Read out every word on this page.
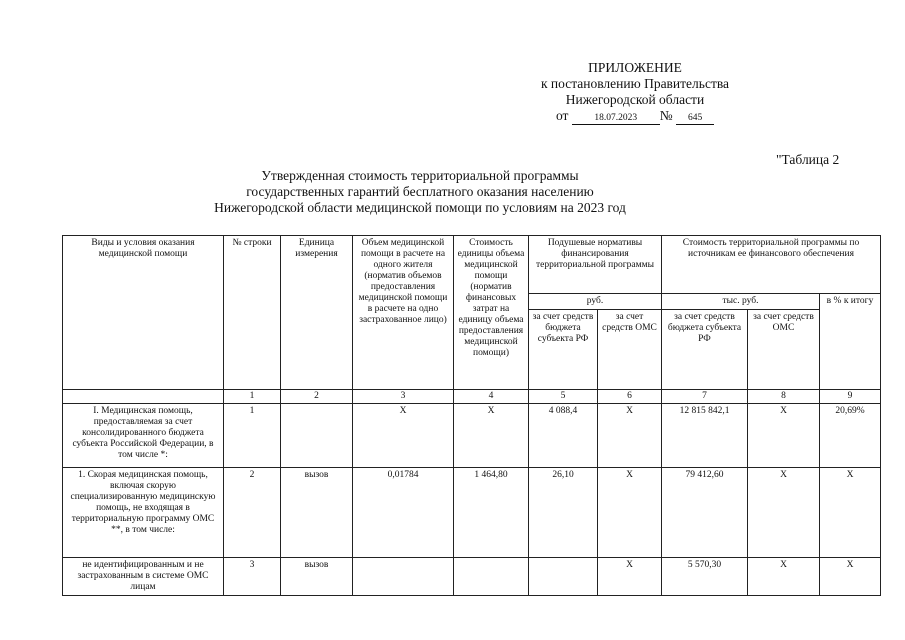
ПРИЛОЖЕНИЕ
к постановлению Правительства
Нижегородской области
от	18.07.2023 № 645
"Таблица 2
Утвержденная стоимость территориальной программы
государственных гарантий бесплатного оказания населению
Нижегородской области медицинской помощи по условиям на 2023 год
Виды и условия оказания медицинской помощи	№ строки	Единица измерения	Объем медицинской помощи в расчете на одного жителя (норматив объемов предоставления медицинской помощи в расчете на одно застрахованное лицо)	Стоимость единицы объема медицинской помощи (норматив финансовых затрат на единицу объема предоставления медицинской помощи)	Подушевые нормативы финансирования территориальной программы		Стоимость территориальной программы по источникам ее финансового обеспечения		
					руб.		тыс. руб.		в % к итогу
					за счет средств бюджета субъекта РФ	за счет средств ОМС	за счет средств бюджета субъекта РФ	за счет средств ОМС	
	1	2	3	4	5	6	7	8	9
I. Медицинская помощь, предоставляемая за счет консолидированного бюджета субъекта Российской Федерации, в том числе *:	1		X	X	4 088,4	X	12 815 842,1	X	20,69%
1. Скорая медицинская помощь, включая скорую специализированную медицинскую помощь, не входящая в территориальную программу ОМС **, в том числе:	2	вызов	0,01784	1 464,80	26,10	X	79 412,60	X	X
не идентифицированным и не застрахованным в системе ОМС лицам	3	вызов				X	5 570,30	X	X
